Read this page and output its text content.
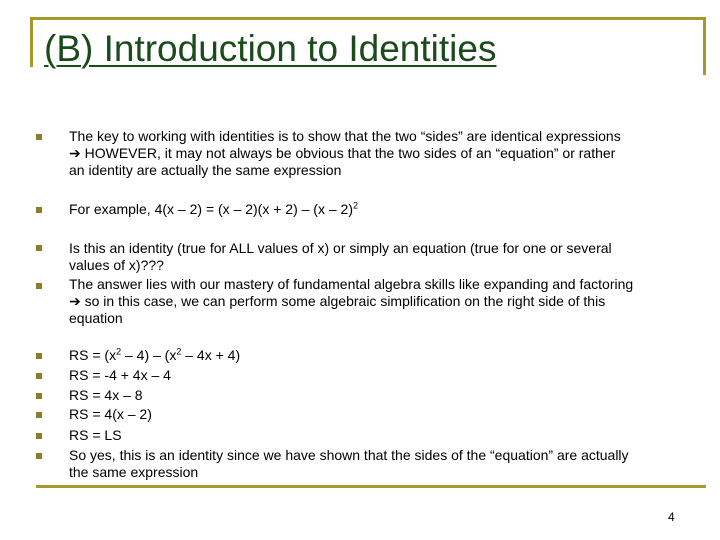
(B) Introduction to Identities
The key to working with identities is to show that the two “sides” are identical expressions
➔ HOWEVER, it may not always be obvious that the two sides of an “equation” or rather
an identity are actually the same expression
For example, 4(x – 2) = (x – 2)(x + 2) – (x – 2)$^2$
Is this an identity (true for ALL values of x) or simply an equation (true for one or several
values of x)???
The answer lies with our mastery of fundamental algebra skills like expanding and factoring
➔ so in this case, we can perform some algebraic simplification on the right side of this
equation
RS = $(x^2 - 4) - (x^2 - 4x + 4)$
RS = -4 + 4x – 4
RS = 4x – 8
RS = 4(x – 2)
RS = LS
So yes, this is an identity since we have shown that the sides of the “equation” are actually
the same expression
4
